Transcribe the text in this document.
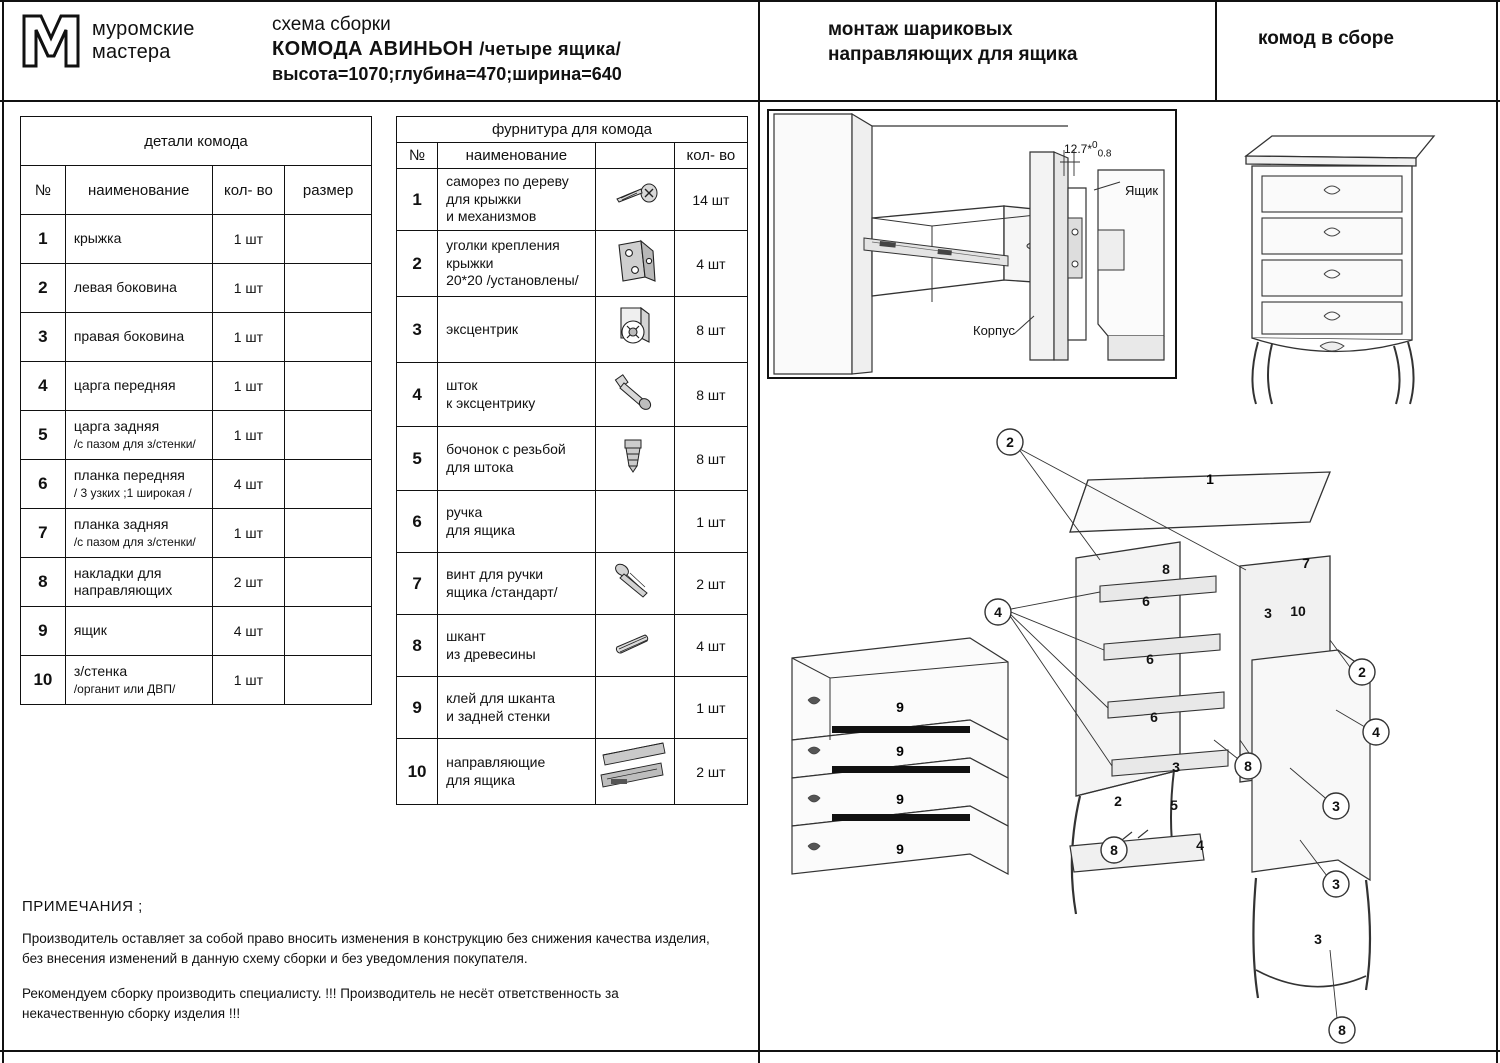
муромские
мастера
схема сборки
КОМОДА АВИНЬОН /четыре ящика/
высота=1070;глубина=470;ширина=640
монтаж шариковых
направляющих для ящика
комод в сборе
детали комода			
№	наименование	кол- во	размер
1	крыжка	1 шт	
2	левая боковина	1 шт	
3	правая боковина	1 шт	
4	царга передняя	1 шт	
5	царга задняя
/с пазом для з/стенки/	1 шт	
6	планка передняя
/ 3 узких ;1 широкая /	4 шт	
7	планка задняя
/с пазом для з/стенки/	1 шт	
8	накладки для
направляющих	2 шт	
9	ящик	4 шт	
10	з/стенка
/органит или ДВП/	1 шт	
фурнитура для комода			
№	наименование		кол- во
1	саморез по дереву
для крыжки
и механизмов		14 шт
2	уголки крепления
крыжки
20*20 /установлены/		4 шт
3	эксцентрик		8 шт
4	шток
к эксцентрику		8 шт
5	бочонок с резьбой
для штока		8 шт
6	ручка
для ящика		1 шт
7	винт для ручки
ящика /стандарт/		2 шт
8	шкант
из древесины		4 шт
9	клей для шканта
и задней стенки		1 шт
10	направляющие
для ящика		2 шт
ПРИМЕЧАНИЯ ;

Производитель оставляет за собой право вносить изменения в конструкцию без снижения качества изделия, без внесения изменений в данную схему сборки и без уведомления покупателя.

Рекомендуем сборку производить специалисту. !!! Производитель не несёт ответственность за некачественную сборку изделия !!!

12.7*$^0_{0.8}$
Ящик
Корпус
1
9
9
9
9
2
4
2
4
3
3
8
8
8
8
6
6
6
3
2	5
4
7
3 10
3
